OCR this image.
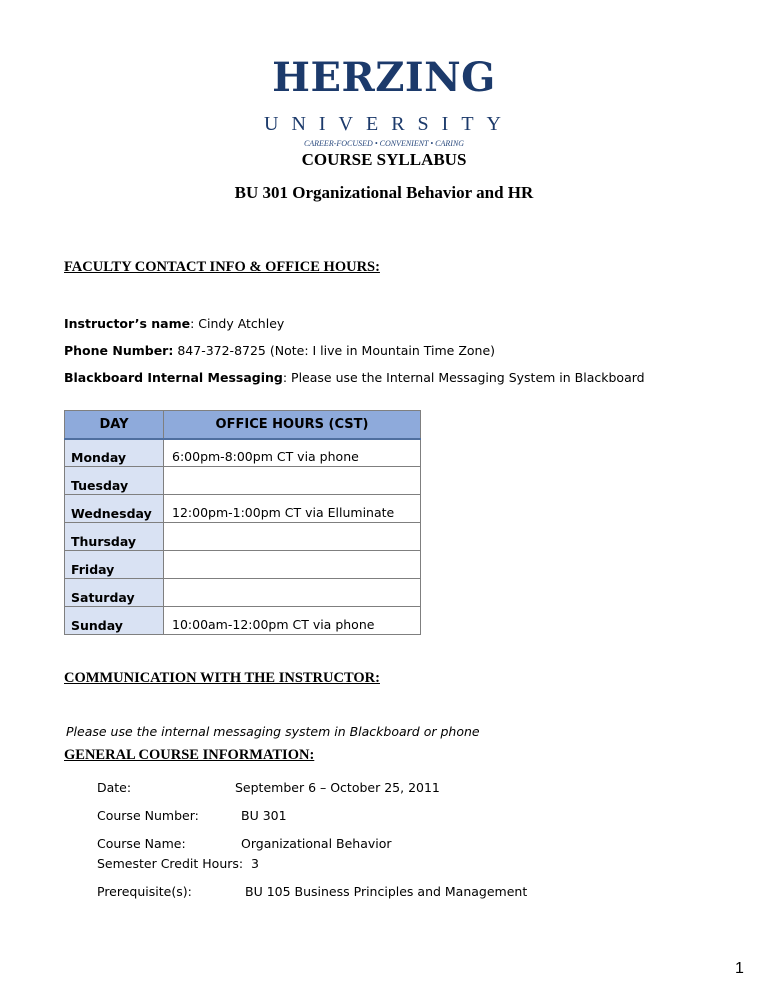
HERZING
UNIVERSITY
CAREER-FOCUSED • CONVENIENT • CARING
COURSE SYLLABUS
BU 301 Organizational Behavior and HR
FACULTY CONTACT INFO & OFFICE HOURS:
Instructor’s name: Cindy Atchley
Phone Number: 847-372-8725 (Note: I live in Mountain Time Zone)
Blackboard Internal Messaging: Please use the Internal Messaging System in Blackboard
DAY	OFFICE HOURS (CST)
Monday	6:00pm-8:00pm CT via phone
Tuesday	
Wednesday	12:00pm-1:00pm CT via Elluminate
Thursday	
Friday	
Saturday	
Sunday	10:00am-12:00pm CT via phone
COMMUNICATION WITH THE INSTRUCTOR:
Please use the internal messaging system in Blackboard or phone
GENERAL COURSE INFORMATION:
Date:	September 6 – October 25, 2011
Course Number:	BU 301
Course Name:	Organizational Behavior
Semester Credit Hours:  3
Prerequisite(s):	BU 105 Business Principles and Management
1
